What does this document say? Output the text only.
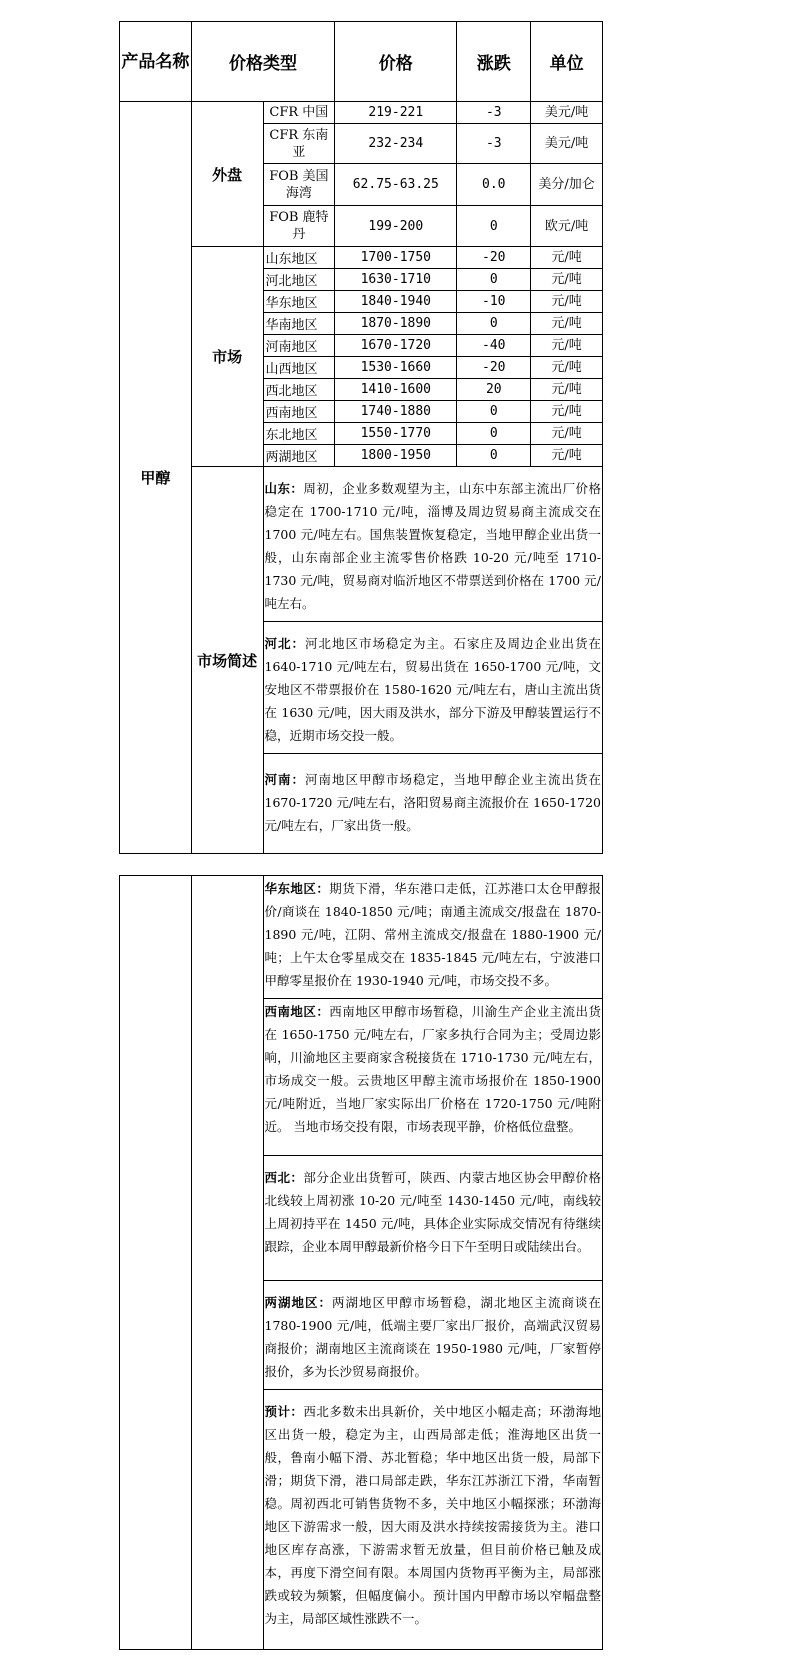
产品名称	价格类型		价格	涨跌	单位
甲醇	外盘	CFR 中国	219-221	-3	美元/吨
		CFR 东南亚	232-234	-3	美元/吨
		FOB 美国海湾	62.75-63.25	0.0	美分/加仑
		FOB 鹿特丹	199-200	0	欧元/吨
	市场	山东地区	1700-1750	-20	元/吨
		河北地区	1630-1710	0	元/吨
		华东地区	1840-1940	-10	元/吨
		华南地区	1870-1890	0	元/吨
		河南地区	1670-1720	-40	元/吨
		山西地区	1530-1660	-20	元/吨
		西北地区	1410-1600	20	元/吨
		西南地区	1740-1880	0	元/吨
		东北地区	1550-1770	0	元/吨
		两湖地区	1800-1950	0	元/吨
	市场简述	山东：周初，企业多数观望为主，山东中东部主流出厂价格稳定在 1700-1710 元/吨，淄博及周边贸易商主流成交在 1700 元/吨左右。国焦装置恢复稳定，当地甲醇企业出货一般，山东南部企业主流零售价格跌 10-20 元/吨至 1710-1730 元/吨，贸易商对临沂地区不带票送到价格在 1700 元/吨左右。			

		河北：河北地区市场稳定为主。石家庄及周边企业出货在 1640-1710 元/吨左右，贸易出货在 1650-1700 元/吨，文安地区不带票报价在 1580-1620 元/吨左右，唐山主流出货在 1630 元/吨，因大雨及洪水，部分下游及甲醇装置运行不稳，近期市场交投一般。			

		河南：河南地区甲醇市场稳定，当地甲醇企业主流出货在 1670-1720 元/吨左右，洛阳贸易商主流报价在 1650-1720 元/吨左右，厂家出货一般。			

华东地区：期货下滑，华东港口走低，江苏港口太仓甲醇报价/商谈在 1840-1850 元/吨；南通主流成交/报盘在 1870-1890 元/吨，江阴、常州主流成交/报盘在 1880-1900 元/吨；上午太仓零星成交在 1835-1845 元/吨左右，宁波港口甲醇零星报价在 1930-1940 元/吨，市场交投不多。

西南地区：西南地区甲醇市场暂稳，川渝生产企业主流出货在 1650-1750 元/吨左右，厂家多执行合同为主；受周边影响，川渝地区主要商家含税接货在 1710-1730 元/吨左右，市场成交一般。云贵地区甲醇主流市场报价在 1850-1900 元/吨附近，当地厂家实际出厂价格在 1720-1750 元/吨附近。 当地市场交投有限，市场表现平静，价格低位盘整。

西北：部分企业出货暂可，陕西、内蒙古地区协会甲醇价格北线较上周初涨 10-20 元/吨至 1430-1450 元/吨，南线较上周初持平在 1450 元/吨，具体企业实际成交情况有待继续跟踪，企业本周甲醇最新价格今日下午至明日或陆续出台。

两湖地区：两湖地区甲醇市场暂稳，湖北地区主流商谈在 1780-1900 元/吨，低端主要厂家出厂报价，高端武汉贸易商报价；湖南地区主流商谈在 1950-1980 元/吨，厂家暂停报价，多为长沙贸易商报价。

预计：西北多数未出具新价，关中地区小幅走高；环渤海地区出货一般，稳定为主，山西局部走低；淮海地区出货一般，鲁南小幅下滑、苏北暂稳；华中地区出货一般，局部下滑；期货下滑，港口局部走跌，华东江苏浙江下滑，华南暂稳。周初西北可销售货物不多，关中地区小幅探涨；环渤海地区下游需求一般，因大雨及洪水持续按需接货为主。港口地区库存高涨，下游需求暂无放量，但目前价格已触及成本，再度下滑空间有限。本周国内货物再平衡为主，局部涨跌或较为频繁，但幅度偏小。预计国内甲醇市场以窄幅盘整为主，局部区域性涨跌不一。
